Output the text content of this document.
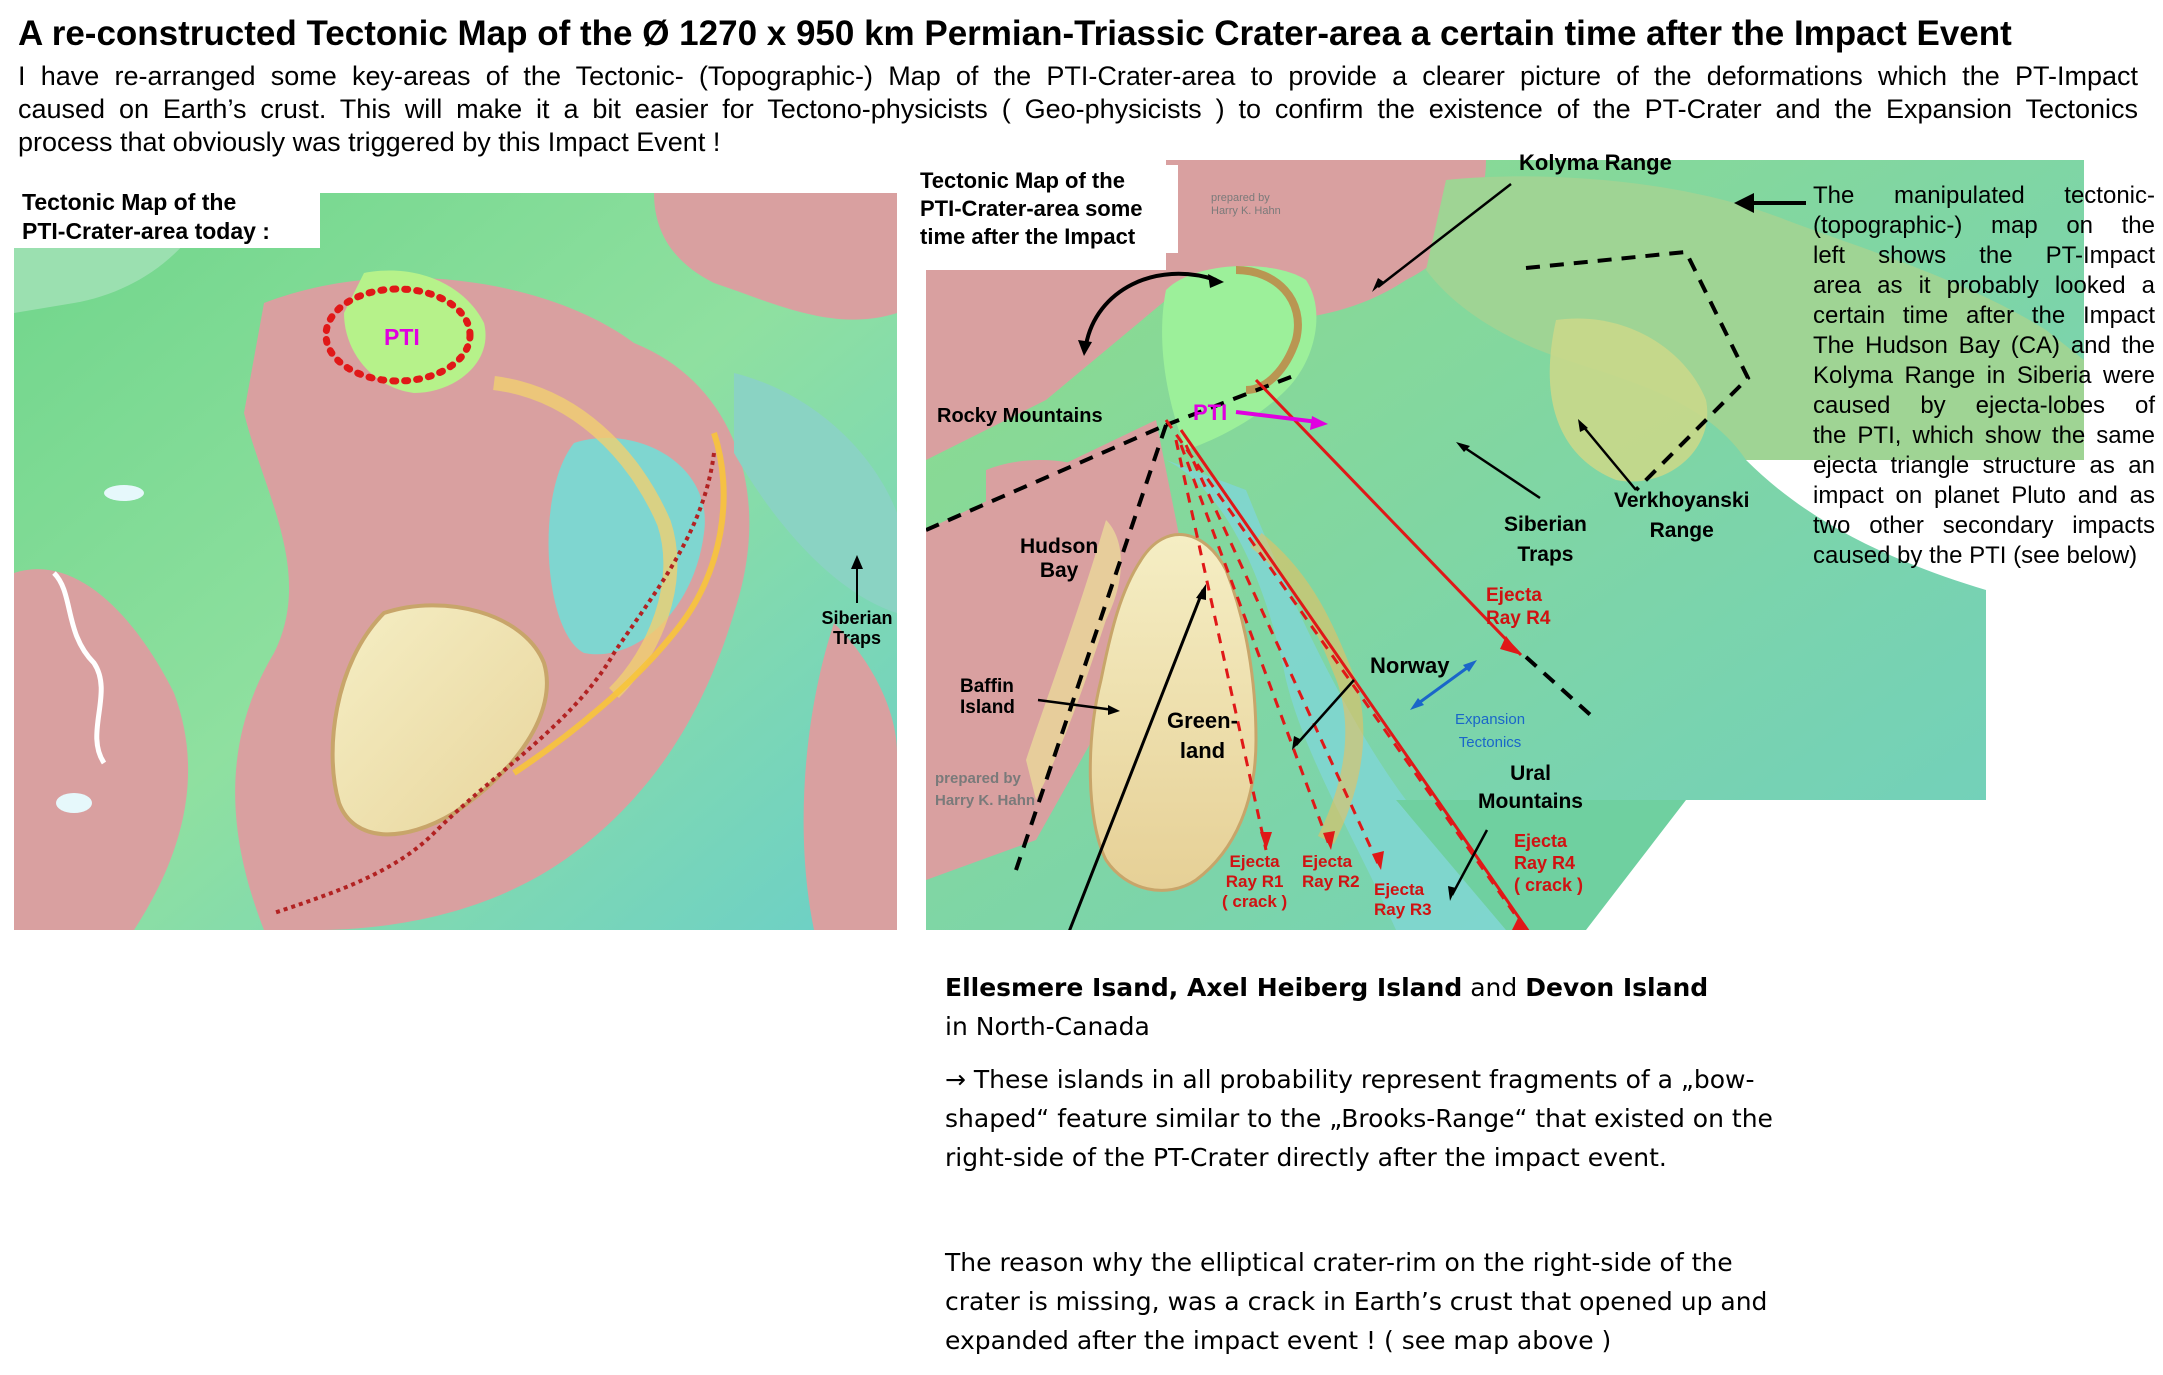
A re-constructed Tectonic Map of the Ø 1270 x 950 km Permian-Triassic Crater-area a certain time after the Impact Event
I have re-arranged some key-areas of the Tectonic- (Topographic-) Map of the PTI-Crater-area to provide a clearer picture of the deformations which the PT-Impact
caused on Earth’s crust. This will make it a bit easier for Tectono-physicists ( Geo-physicists ) to confirm the existence of the PT-Crater and the Expansion Tectonics
process that obviously was triggered by this Impact Event !
PTI
Siberian
Traps
Tectonic Map of the
PTI-Crater-area today :
Tectonic Map of the
PTI-Crater-area some
time after the Impact
prepared by
Harry K. Hahn
Kolyma Range
Rocky Mountains	PTI
Hudson
Bay
Siberian
Traps
Verkhoyanski
Range
Ejecta
Ray R4
Norway
Expansion
Tectonics
Baffin
Island
Green-
land
prepared by
Harry K. Hahn
Ural
Mountains
Ejecta
Ray R1
( crack )
Ejecta
Ray R2 Ejecta
Ray R3
Ejecta
Ray R4
( crack )
The manipulated tectonic-
(topographic-) map on the
left shows the PT-Impact
area as it probably looked a
certain time after the Impact
The Hudson Bay (CA) and the
Kolyma Range in Siberia were
caused by ejecta-lobes of
the PTI, which show the same
ejecta triangle structure as an
impact on planet Pluto and as
two other secondary impacts
caused by the PTI (see below)
Ellesmere Isand, Axel Heiberg Island and Devon Island
in North-Canada
→ These islands in all probability represent fragments of a „bow-shaped“ feature similar to the „Brooks-Range“ that existed on the right-side of the PT-Crater directly after the impact event.
The reason why the elliptical crater-rim on the right-side of the crater is missing, was a crack in Earth’s crust that opened up and expanded after the impact event ! ( see map above )
